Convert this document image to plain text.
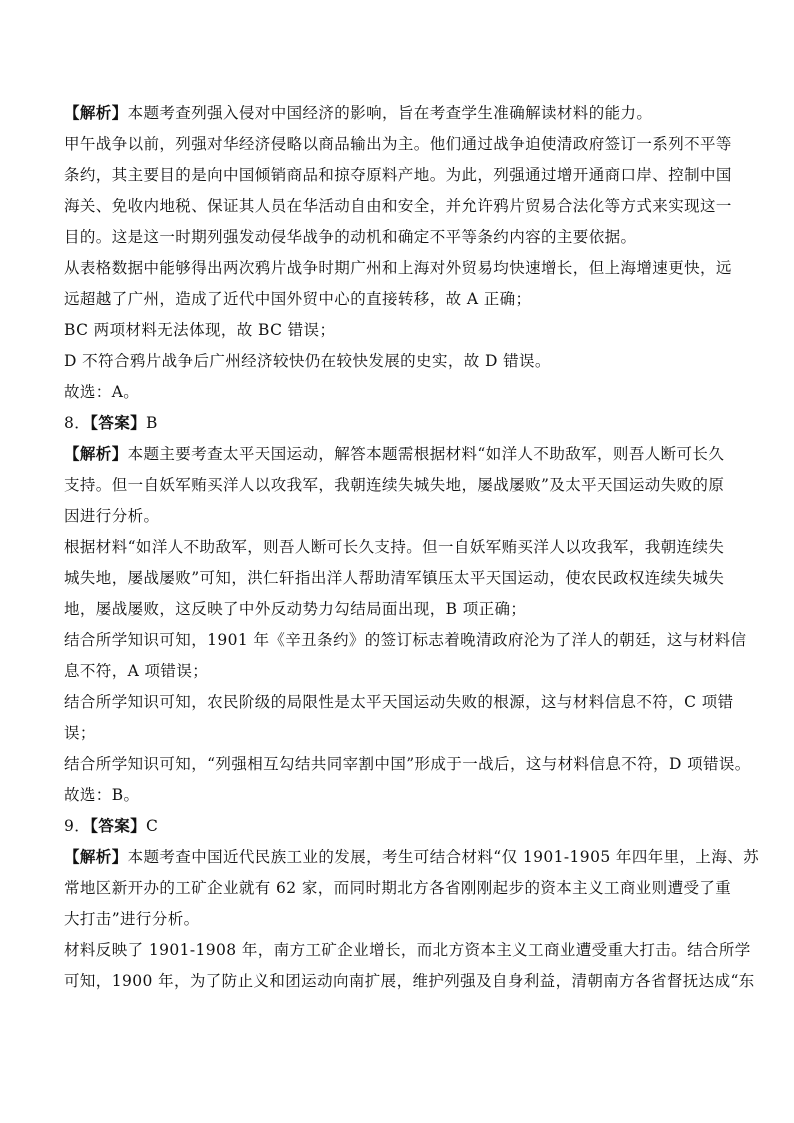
【解析】本题考查列强入侵对中国经济的影响，旨在考查学生准确解读材料的能力。
甲午战争以前，列强对华经济侵略以商品输出为主。他们通过战争迫使清政府签订一系列不平等
条约，其主要目的是向中国倾销商品和掠夺原料产地。为此，列强通过增开通商口岸、控制中国
海关、免收内地税、保证其人员在华活动自由和安全，并允许鸦片贸易合法化等方式来实现这一
目的。这是这一时期列强发动侵华战争的动机和确定不平等条约内容的主要依据。
从表格数据中能够得出两次鸦片战争时期广州和上海对外贸易均快速增长，但上海增速更快，远
远超越了广州，造成了近代中国外贸中心的直接转移，故 A 正确；
BC 两项材料无法体现，故 BC 错误；
D 不符合鸦片战争后广州经济较快仍在较快发展的史实，故 D 错误。
故选：A。
8．【答案】B
【解析】本题主要考查太平天国运动，解答本题需根据材料“如洋人不助敌军，则吾人断可长久
支持。但一自妖军贿买洋人以攻我军，我朝连续失城失地，屡战屡败”及太平天国运动失败的原
因进行分析。
根据材料“如洋人不助敌军，则吾人断可长久支持。但一自妖军贿买洋人以攻我军，我朝连续失
城失地，屡战屡败”可知，洪仁轩指出洋人帮助清军镇压太平天国运动，使农民政权连续失城失
地，屡战屡败，这反映了中外反动势力勾结局面出现，B 项正确；
结合所学知识可知，1901 年《辛丑条约》的签订标志着晚清政府沦为了洋人的朝廷，这与材料信
息不符，A 项错误；
结合所学知识可知，农民阶级的局限性是太平天国运动失败的根源，这与材料信息不符，C 项错
误；
结合所学知识可知，“列强相互勾结共同宰割中国”形成于一战后，这与材料信息不符，D 项错误。
故选：B。
9．【答案】C
【解析】本题考查中国近代民族工业的发展，考生可结合材料“仅 1901-1905 年四年里，上海、苏
常地区新开办的工矿企业就有 62 家，而同时期北方各省刚刚起步的资本主义工商业则遭受了重
大打击”进行分析。
材料反映了 1901-1908 年，南方工矿企业增长，而北方资本主义工商业遭受重大打击。结合所学
可知，1900 年，为了防止义和团运动向南扩展，维护列强及自身利益，清朝南方各省督抚达成“东
